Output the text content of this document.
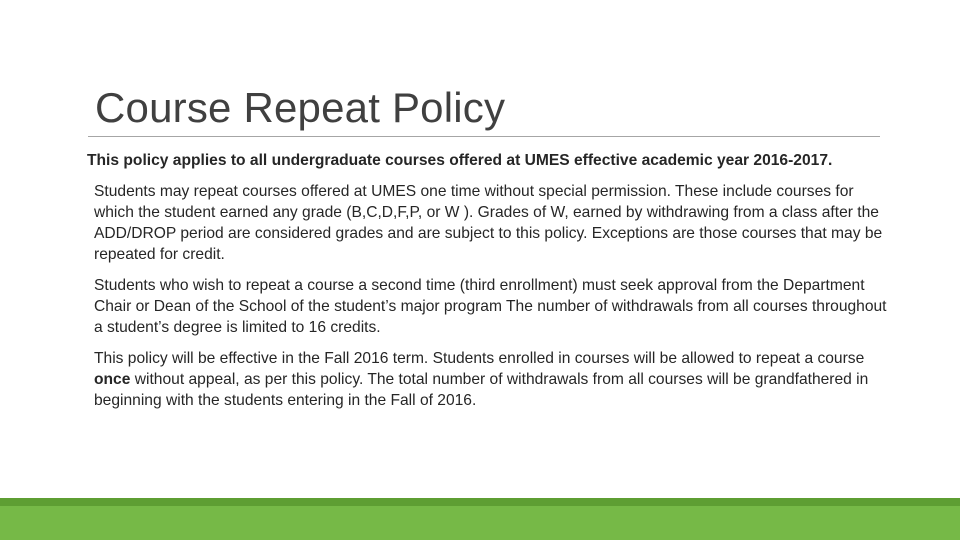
Course Repeat Policy

This policy applies to all undergraduate courses offered at UMES effective academic year 2016-2017.

Students may repeat courses offered at UMES one time without special permission. These include courses for which the student earned any grade (B,C,D,F,P, or W ). Grades of W, earned by withdrawing from a class after the ADD/DROP period are considered grades and are subject to this policy. Exceptions are those courses that may be repeated for credit.

Students who wish to repeat a course a second time (third enrollment) must seek approval from the Department Chair or Dean of the School of the student’s major program The number of withdrawals from all courses throughout a student’s degree is limited to 16 credits.

This policy will be effective in the Fall 2016 term. Students enrolled in courses will be allowed to repeat a course once without appeal, as per this policy. The total number of withdrawals from all courses will be grandfathered in beginning with the students entering in the Fall of 2016.
